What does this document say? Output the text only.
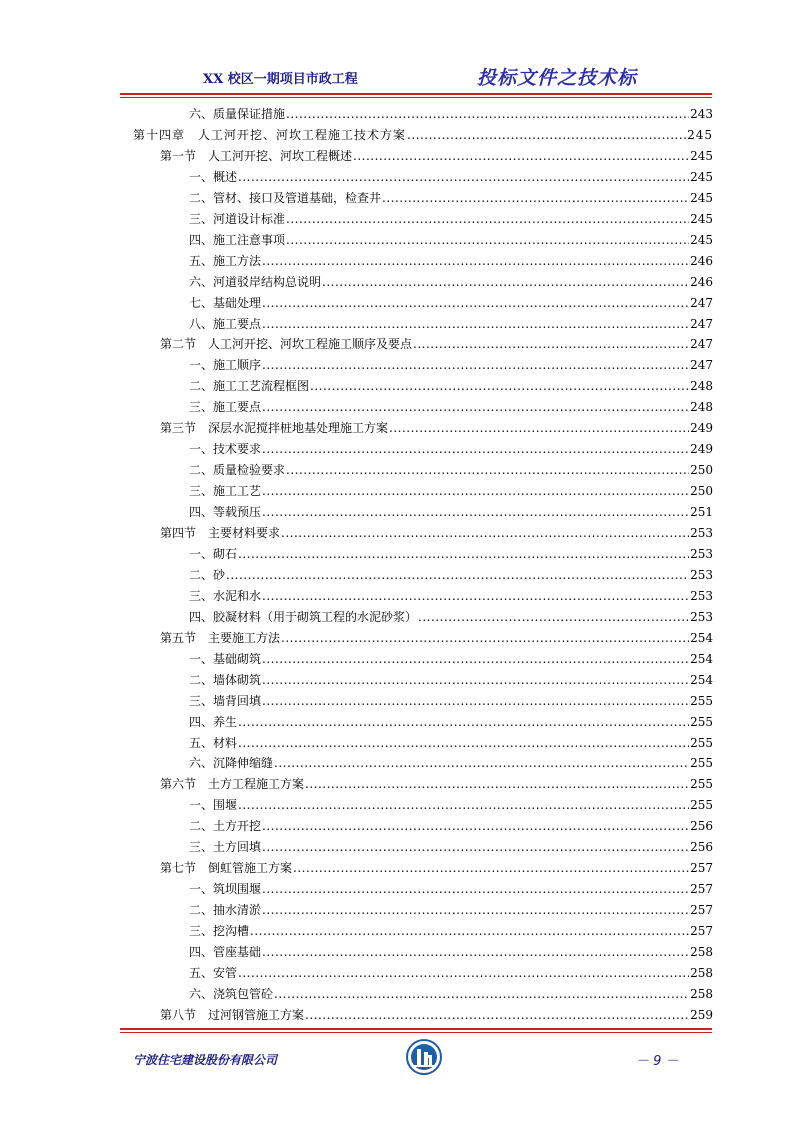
XX 校区一期项目市政工程	投标文件之技术标
六、质量保证措施 .....	243
第十四章　人工河开挖、河坎工程施工技术方案 .....	245
第一节　人工河开挖、河坎工程概述 .....	245
一、概述 .....	245
二、管材、接口及管道基础，检查井 .....	245
三、河道设计标准 .....	245
四、施工注意事项 .....	245
五、施工方法 .....	246
六、河道驳岸结构总说明 .....	246
七、基础处理 .....	247
八、施工要点 .....	247
第二节　人工河开挖、河坎工程施工顺序及要点 .....	247
一、施工顺序 .....	247
二、施工工艺流程框图 .....	248
三、施工要点 .....	248
第三节　深层水泥搅拌桩地基处理施工方案 .....	249
一、技术要求 .....	249
二、质量检验要求 .....	250
三、施工工艺 .....	250
四、等载预压 .....	251
第四节　主要材料要求 .....	253
一、砌石 .....	253
二、砂 .....	253
三、水泥和水 .....	253
四、胶凝材料（用于砌筑工程的水泥砂浆） .....	253
第五节　主要施工方法 .....	254
一、基础砌筑 .....	254
二、墙体砌筑 .....	254
三、墙背回填 .....	255
四、养生 .....	255
五、材料 .....	255
六、沉降伸缩缝 .....	255
第六节　土方工程施工方案 .....	255
一、围堰 .....	255
二、土方开挖 .....	256
三、土方回填 .....	256
第七节　倒虹管施工方案 .....	257
一、筑坝围堰 .....	257
二、抽水清淤 .....	257
三、挖沟槽 .....	257
四、管座基础 .....	258
五、安管 .....	258
六、浇筑包管砼 .....	258
第八节　过河钢管施工方案 .....	259
宁波住宅建设股份有限公司	－ 9 －
